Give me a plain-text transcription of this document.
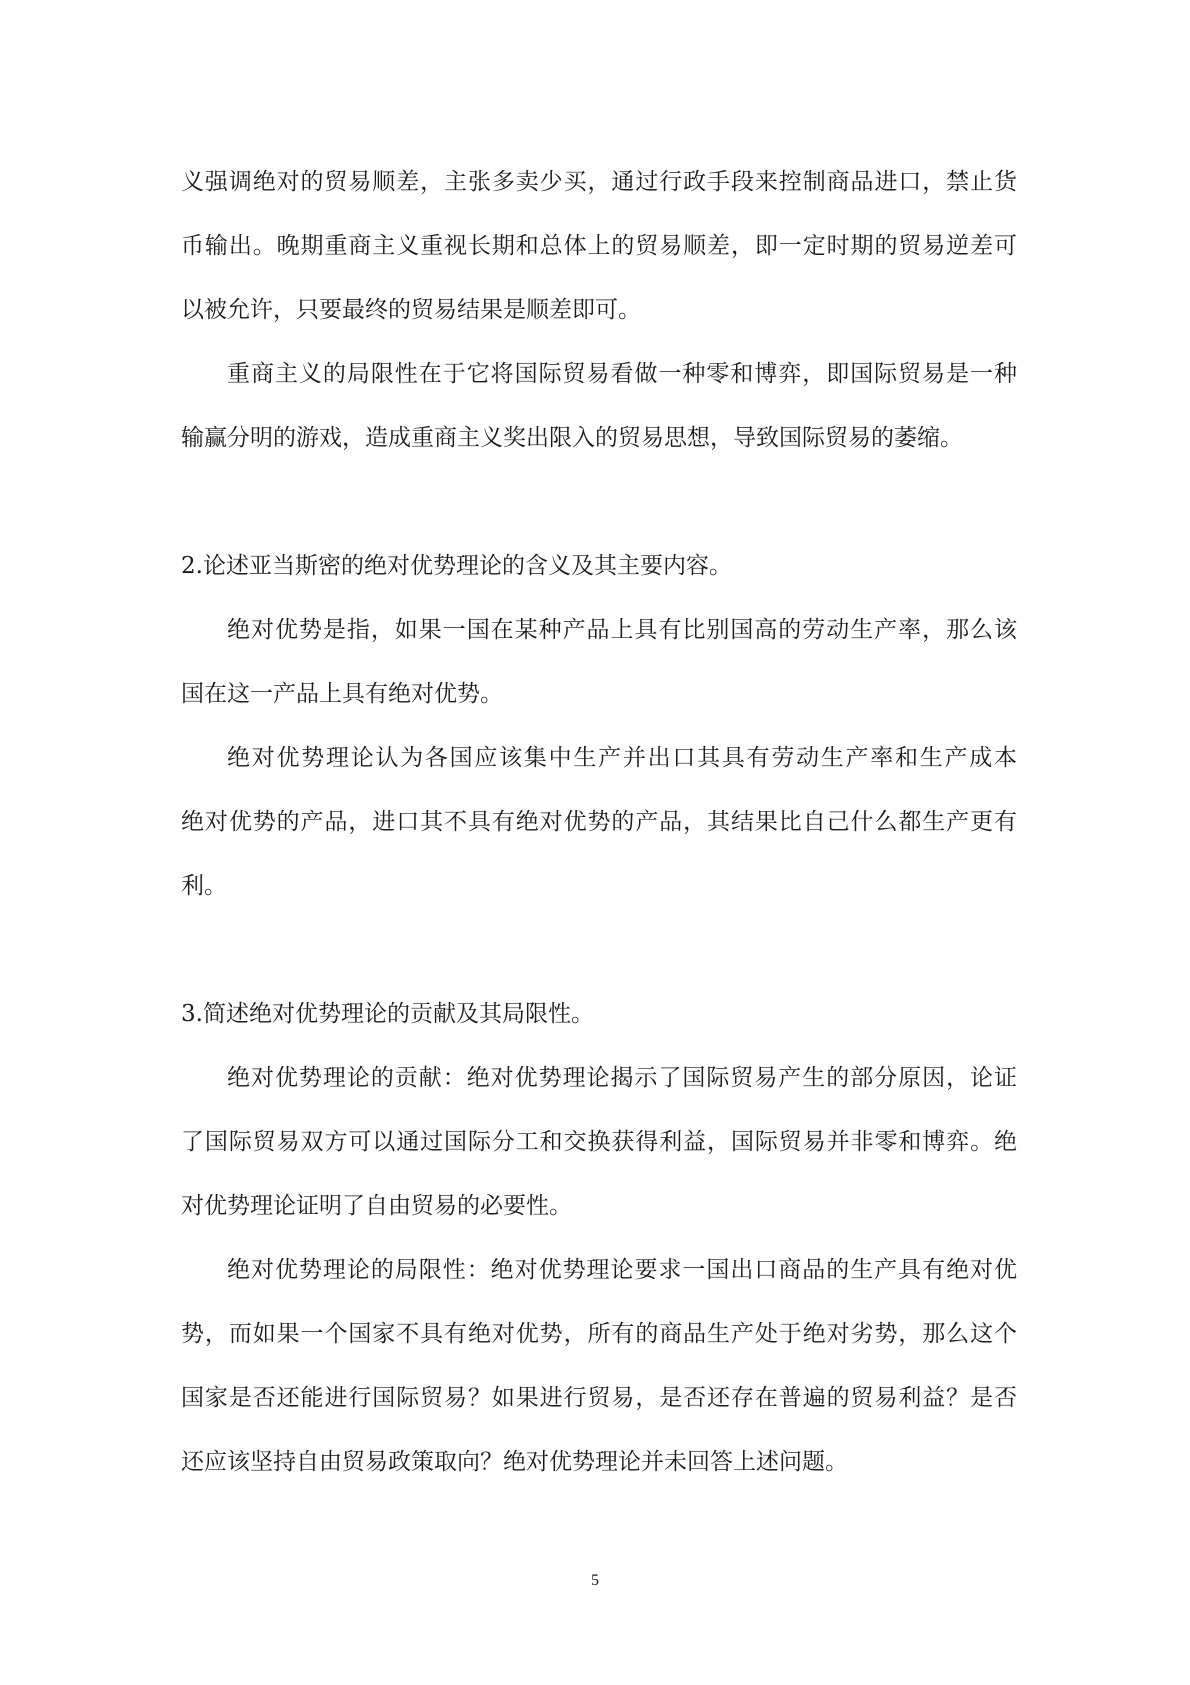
义强调绝对的贸易顺差，主张多卖少买，通过行政手段来控制商品进口，禁止货
币输出。晚期重商主义重视长期和总体上的贸易顺差，即一定时期的贸易逆差可
以被允许，只要最终的贸易结果是顺差即可。
重商主义的局限性在于它将国际贸易看做一种零和博弈，即国际贸易是一种
输赢分明的游戏，造成重商主义奖出限入的贸易思想，导致国际贸易的萎缩。
2.论述亚当斯密的绝对优势理论的含义及其主要内容。
绝对优势是指，如果一国在某种产品上具有比别国高的劳动生产率，那么该
国在这一产品上具有绝对优势。
绝对优势理论认为各国应该集中生产并出口其具有劳动生产率和生产成本
绝对优势的产品，进口其不具有绝对优势的产品，其结果比自己什么都生产更有
利。
3.简述绝对优势理论的贡献及其局限性。
绝对优势理论的贡献：绝对优势理论揭示了国际贸易产生的部分原因，论证
了国际贸易双方可以通过国际分工和交换获得利益，国际贸易并非零和博弈。绝
对优势理论证明了自由贸易的必要性。
绝对优势理论的局限性：绝对优势理论要求一国出口商品的生产具有绝对优
势，而如果一个国家不具有绝对优势，所有的商品生产处于绝对劣势，那么这个
国家是否还能进行国际贸易？如果进行贸易，是否还存在普遍的贸易利益？是否
还应该坚持自由贸易政策取向？绝对优势理论并未回答上述问题。
5
